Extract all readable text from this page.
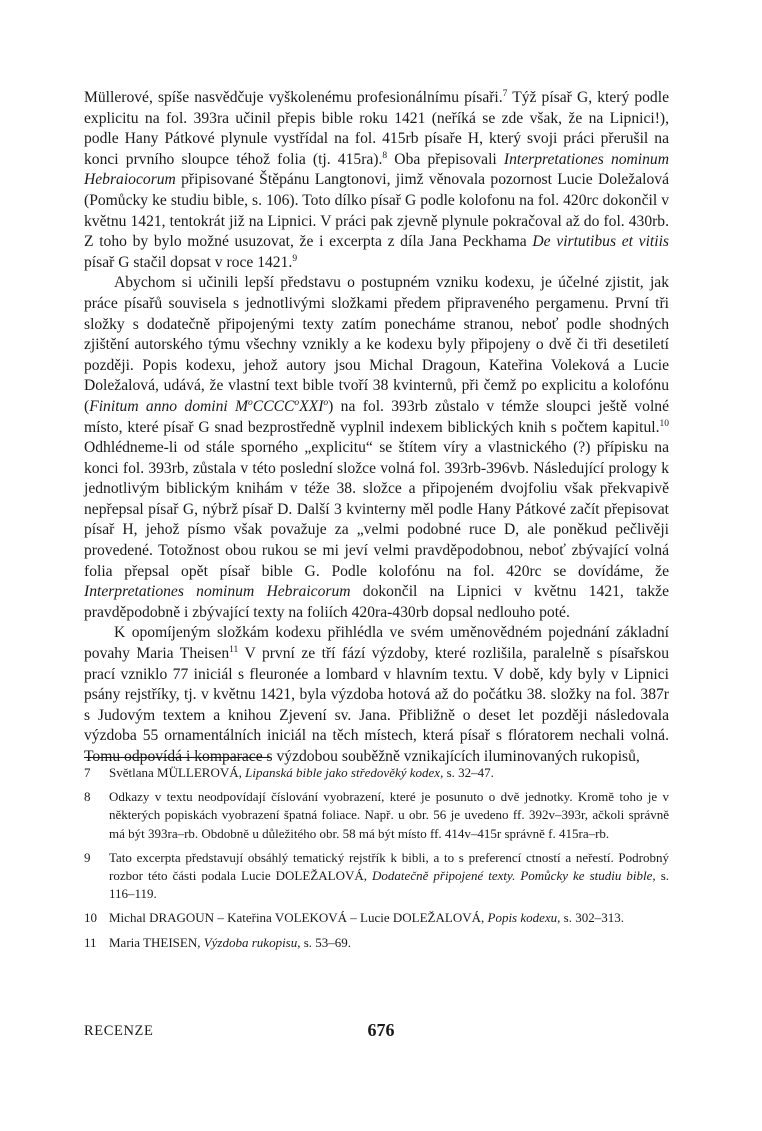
Müllerové, spíše nasvědčuje vyškolenému profesionálnímu písaři.$^7$ Týž písař G, který podle explicitu na fol. 393ra učinil přepis bible roku 1421 (neříká se zde však, že na Lipnici!), podle Hany Pátkové plynule vystřídal na fol. 415rb písaře H, který svoji práci přerušil na konci prvního sloupce téhož folia (tj. 415ra).$^8$ Oba přepisovali Interpretationes nominum Hebraiocorum připisované Štěpánu Langtonovi, jimž věnovala pozornost Lucie Doležalová (Pomůcky ke studiu bible, s. 106). Toto dílko písař G podle kolofonu na fol. 420rc dokončil v květnu 1421, tentokrát již na Lipnici. V práci pak zjevně plynule pokračoval až do fol. 430rb. Z toho by bylo možné usuzovat, že i excerpta z díla Jana Peckhama De virtutibus et vitiis písař G stačil dopsat v roce 1421.$^9$

Abychom si učinili lepší představu o postupném vzniku kodexu, je účelné zjistit, jak práce písařů souvisela s jednotlivými složkami předem připraveného pergamenu. První tři složky s dodatečně připojenými texty zatím ponecháme stranou, neboť podle shodných zjištění autorského týmu všechny vznikly a ke kodexu byly připojeny o dvě či tři desetiletí později. Popis kodexu, jehož autory jsou Michal Dragoun, Kateřina Voleková a Lucie Doležalová, udává, že vlastní text bible tvoří 38 kvinternů, při čemž po explicitu a kolofónu (Finitum anno domini $M^oCCCC^oXXI^o$) na fol. 393rb zůstalo v témže sloupci ještě volné místo, které písař G snad bezprostředně vyplnil indexem biblických knih s počtem kapitul.$^{10}$ Odhlédneme-li od stále sporného „explicitu“ se štítem víry a vlastnického (?) přípisku na konci fol. 393rb, zůstala v této poslední složce volná fol. 393rb-396vb. Následující prology k jednotlivým biblickým knihám v téže 38. složce a připojeném dvojfoliu však překvapivě nepřepsal písař G, nýbrž písař D. Další 3 kvinterny měl podle Hany Pátkové začít přepisovat písař H, jehož písmo však považuje za „velmi podobné ruce D, ale poněkud pečlivěji provedené. Totožnost obou rukou se mi jeví velmi pravděpodobnou, neboť zbývající volná folia přepsal opět písař bible G. Podle kolofónu na fol. 420rc se dovídáme, že Interpretationes nominum Hebraicorum dokončil na Lipnici v květnu 1421, takže pravděpodobně i zbývající texty na foliích 420ra-430rb dopsal nedlouho poté.

K opomíjeným složkám kodexu přihlédla ve svém uměnovědném pojednání základní povahy Maria Theisen$^{11}$ V první ze tří fází výzdoby, které rozlišila, paralelně s písařskou prací vzniklo 77 iniciál s fleuronée a lombard v hlavním textu. V době, kdy byly v Lipnici psány rejstříky, tj. v květnu 1421, byla výzdoba hotová až do počátku 38. složky na fol. 387r s Judovým textem a knihou Zjevení sv. Jana. Přibližně o deset let později následovala výzdoba 55 ornamentálních iniciál na těch místech, která písař s flóratorem nechali volná. Tomu odpovídá i komparace s výzdobou souběžně vznikajících iluminovaných rukopisů,

7 Světlana MÜLLEROVÁ, Lipanská bible jako středověký kodex, s. 32–47.
8 Odkazy v textu neodpovídají číslování vyobrazení, které je posunuto o dvě jednotky. Kromě toho je v některých popiskách vyobrazení špatná foliace. Např. u obr. 56 je uvedeno ff. 392v–393r, ačkoli správně má být 393ra–rb. Obdobně u důležitého obr. 58 má být místo ff. 414v–415r správně f. 415ra–rb.
9 Tato excerpta představují obsáhlý tematický rejstřík k bibli, a to s preferencí ctností a neřestí. Podrobný rozbor této části podala Lucie DOLEŽALOVÁ, Dodatečně připojené texty. Pomůcky ke studiu bible, s. 116–119.
10 Michal DRAGOUN – Kateřina VOLEKOVÁ – Lucie DOLEŽALOVÁ, Popis kodexu, s. 302–313.
11 Maria THEISEN, Výzdoba rukopisu, s. 53–69.
RECENZE	676
